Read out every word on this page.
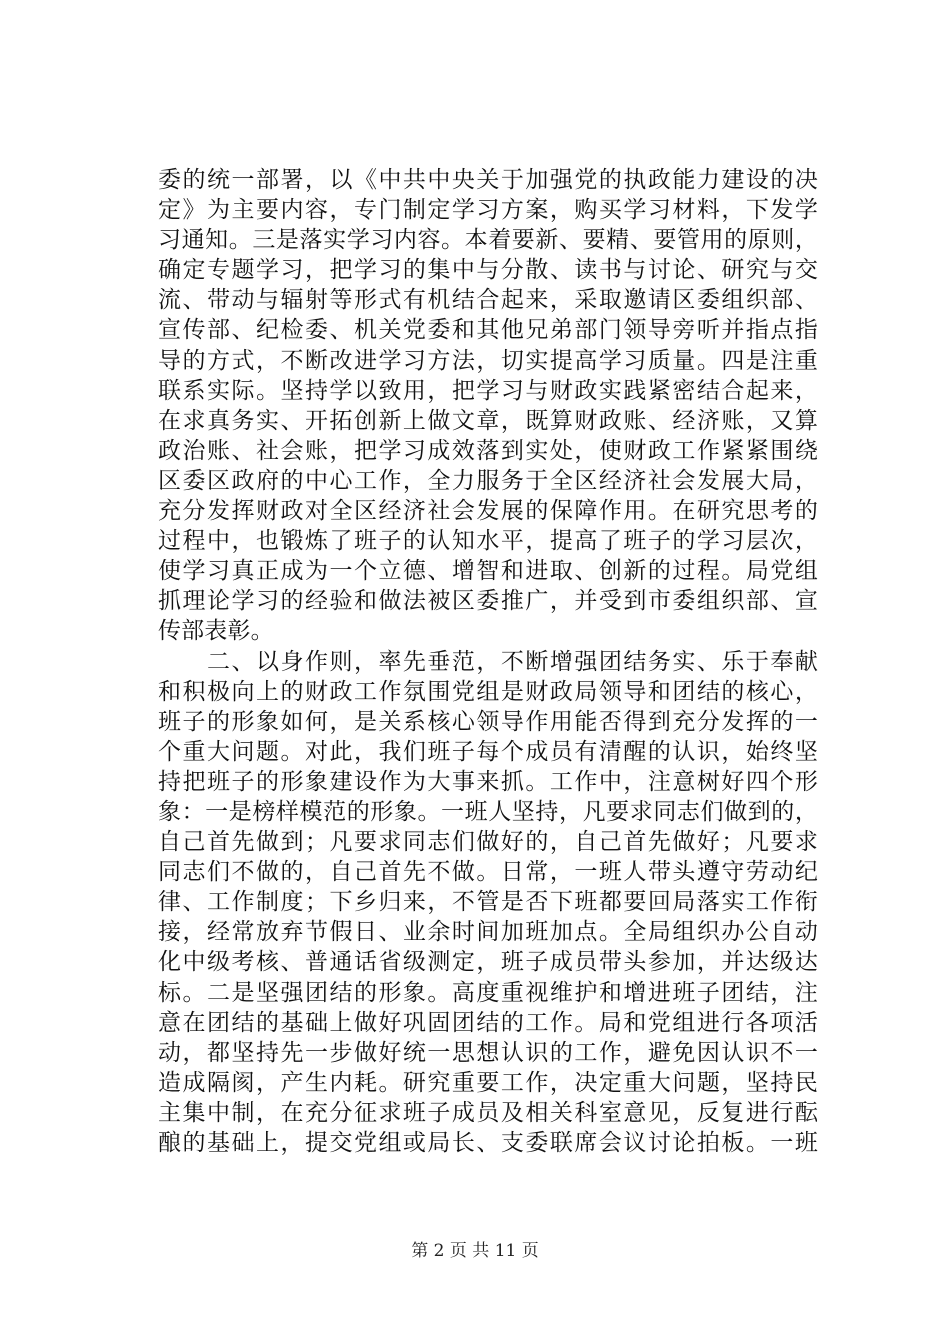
委的统一部署，以《中共中央关于加强党的执政能力建设的决
定》为主要内容，专门制定学习方案，购买学习材料，下发学
习通知。三是落实学习内容。本着要新、要精、要管用的原则，
确定专题学习，把学习的集中与分散、读书与讨论、研究与交
流、带动与辐射等形式有机结合起来，采取邀请区委组织部、
宣传部、纪检委、机关党委和其他兄弟部门领导旁听并指点指
导的方式，不断改进学习方法，切实提高学习质量。四是注重
联系实际。坚持学以致用，把学习与财政实践紧密结合起来，
在求真务实、开拓创新上做文章，既算财政账、经济账，又算
政治账、社会账，把学习成效落到实处，使财政工作紧紧围绕
区委区政府的中心工作，全力服务于全区经济社会发展大局，
充分发挥财政对全区经济社会发展的保障作用。在研究思考的
过程中，也锻炼了班子的认知水平，提高了班子的学习层次，
使学习真正成为一个立德、增智和进取、创新的过程。局党组
抓理论学习的经验和做法被区委推广，并受到市委组织部、宣
传部表彰。
　　二、以身作则，率先垂范，不断增强团结务实、乐于奉献
和积极向上的财政工作氛围党组是财政局领导和团结的核心，
班子的形象如何，是关系核心领导作用能否得到充分发挥的一
个重大问题。对此，我们班子每个成员有清醒的认识，始终坚
持把班子的形象建设作为大事来抓。工作中，注意树好四个形
象：一是榜样模范的形象。一班人坚持，凡要求同志们做到的，
自己首先做到；凡要求同志们做好的，自己首先做好；凡要求
同志们不做的，自己首先不做。日常，一班人带头遵守劳动纪
律、工作制度；下乡归来，不管是否下班都要回局落实工作衔
接，经常放弃节假日、业余时间加班加点。全局组织办公自动
化中级考核、普通话省级测定，班子成员带头参加，并达级达
标。二是坚强团结的形象。高度重视维护和增进班子团结，注
意在团结的基础上做好巩固团结的工作。局和党组进行各项活
动，都坚持先一步做好统一思想认识的工作，避免因认识不一
造成隔阂，产生内耗。研究重要工作，决定重大问题，坚持民
主集中制，在充分征求班子成员及相关科室意见，反复进行酝
酿的基础上，提交党组或局长、支委联席会议讨论拍板。一班
第 2 页 共 11 页
